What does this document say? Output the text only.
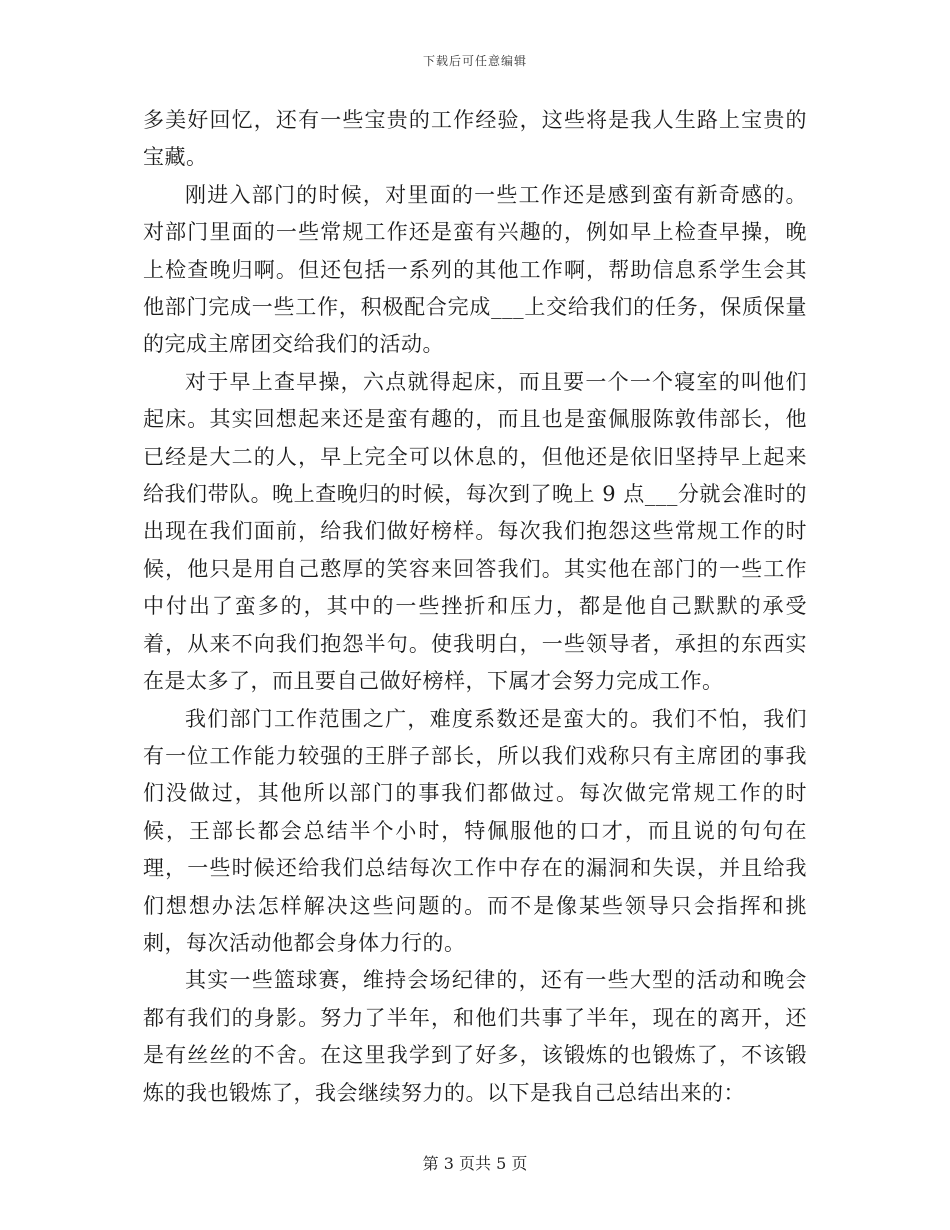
下载后可任意编辑

多美好回忆，还有一些宝贵的工作经验，这些将是我人生路上宝贵的宝藏。

刚进入部门的时候，对里面的一些工作还是感到蛮有新奇感的。对部门里面的一些常规工作还是蛮有兴趣的，例如早上检查早操，晚上检查晚归啊。但还包括一系列的其他工作啊，帮助信息系学生会其他部门完成一些工作，积极配合完成___上交给我们的任务，保质保量的完成主席团交给我们的活动。

对于早上查早操，六点就得起床，而且要一个一个寝室的叫他们起床。其实回想起来还是蛮有趣的，而且也是蛮佩服陈敦伟部长，他已经是大二的人，早上完全可以休息的，但他还是依旧坚持早上起来给我们带队。晚上查晚归的时候，每次到了晚上 9 点___分就会准时的出现在我们面前，给我们做好榜样。每次我们抱怨这些常规工作的时候，他只是用自己憨厚的笑容来回答我们。其实他在部门的一些工作中付出了蛮多的，其中的一些挫折和压力，都是他自己默默的承受着，从来不向我们抱怨半句。使我明白，一些领导者，承担的东西实在是太多了，而且要自己做好榜样，下属才会努力完成工作。

我们部门工作范围之广，难度系数还是蛮大的。我们不怕，我们有一位工作能力较强的王胖子部长，所以我们戏称只有主席团的事我们没做过，其他所以部门的事我们都做过。每次做完常规工作的时候，王部长都会总结半个小时，特佩服他的口才，而且说的句句在理，一些时候还给我们总结每次工作中存在的漏洞和失误，并且给我们想想办法怎样解决这些问题的。而不是像某些领导只会指挥和挑刺，每次活动他都会身体力行的。

其实一些篮球赛，维持会场纪律的，还有一些大型的活动和晚会都有我们的身影。努力了半年，和他们共事了半年，现在的离开，还是有丝丝的不舍。在这里我学到了好多，该锻炼的也锻炼了，不该锻炼的我也锻炼了，我会继续努力的。以下是我自己总结出来的：

第 3 页共 5 页
